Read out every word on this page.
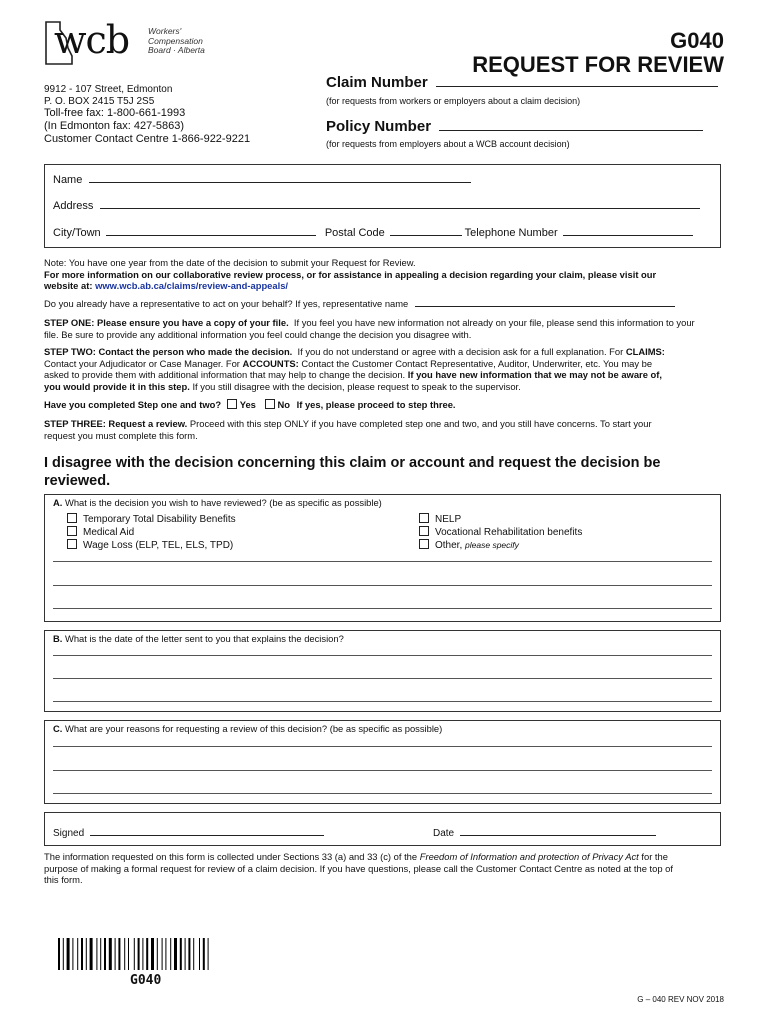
wcb Workers'
Compensation
Board · Alberta	G040
REQUEST FOR REVIEW
9912 - 107 Street, Edmonton
P. O. BOX 2415 T5J 2S5
Toll-free fax: 1-800-661-1993
(In Edmonton fax: 427-5863)
Customer Contact Centre 1-866-922-9221
Claim Number
(for requests from workers or employers about a claim decision)
Policy Number
(for requests from employers about a WCB account decision)
Name
Address
City/Town	Postal Code	Telephone Number
Note: You have one year from the date of the decision to submit your Request for Review.
For more information on our collaborative review process, or for assistance in appealing a decision regarding your claim, please visit our
website at: www.wcb.ab.ca/claims/review-and-appeals/
Do you already have a representative to act on your behalf? If yes, representative name
STEP ONE: Please ensure you have a copy of your file. If you feel you have new information not already on your file, please send this information to your
file. Be sure to provide any additional information you feel could change the decision you disagree with.
STEP TWO: Contact the person who made the decision. If you do not understand or agree with a decision ask for a full explanation. For CLAIMS:
Contact your Adjudicator or Case Manager. For ACCOUNTS: Contact the Customer Contact Representative, Auditor, Underwriter, etc. You may be
asked to provide them with additional information that may help to change the decision. If you have new information that we may not be aware of,
you would provide it in this step. If you still disagree with the decision, please request to speak to the supervisor.
Have you completed Step one and two? Yes No If yes, please proceed to step three.
STEP THREE: Request a review. Proceed with this step ONLY if you have completed step one and two, and you still have concerns. To start your
request you must complete this form.
I disagree with the decision concerning this claim or account and request the decision be
reviewed.
A. What is the decision you wish to have reviewed? (be as specific as possible)
Temporary Total Disability Benefits
Medical Aid
Wage Loss (ELP, TEL, ELS, TPD)
NELP
Vocational Rehabilitation benefits
Other, please specify
B. What is the date of the letter sent to you that explains the decision?
C. What are your reasons for requesting a review of this decision? (be as specific as possible)
Signed	Date
The information requested on this form is collected under Sections 33 (a) and 33 (c) of the Freedom of Information and protection of Privacy Act for the
purpose of making a formal request for review of a claim decision. If you have questions, please call the Customer Contact Centre as noted at the top of
this form.
G040
G – 040 REV NOV 2018
